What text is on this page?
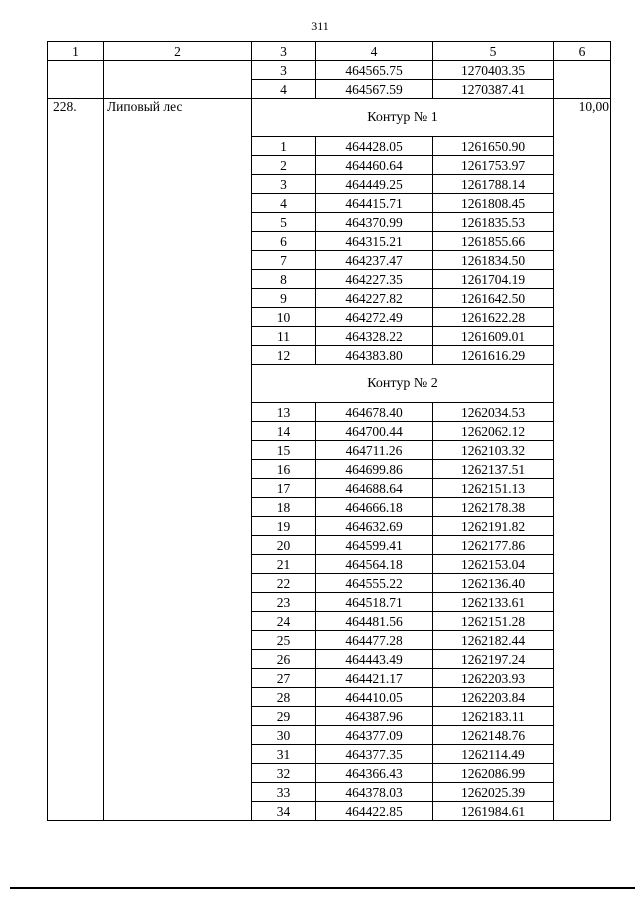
311
1	2	3	4	5	6
		3	464565.75	1270403.35	
		4	464567.59	1270387.41	
228.	Липовый лес	Контур № 1			10,00
		1	464428.05	1261650.90	
		2	464460.64	1261753.97	
		3	464449.25	1261788.14	
		4	464415.71	1261808.45	
		5	464370.99	1261835.53	
		6	464315.21	1261855.66	
		7	464237.47	1261834.50	
		8	464227.35	1261704.19	
		9	464227.82	1261642.50	
		10	464272.49	1261622.28	
		11	464328.22	1261609.01	
		12	464383.80	1261616.29	
		Контур № 2			
		13	464678.40	1262034.53	
		14	464700.44	1262062.12	
		15	464711.26	1262103.32	
		16	464699.86	1262137.51	
		17	464688.64	1262151.13	
		18	464666.18	1262178.38	
		19	464632.69	1262191.82	
		20	464599.41	1262177.86	
		21	464564.18	1262153.04	
		22	464555.22	1262136.40	
		23	464518.71	1262133.61	
		24	464481.56	1262151.28	
		25	464477.28	1262182.44	
		26	464443.49	1262197.24	
		27	464421.17	1262203.93	
		28	464410.05	1262203.84	
		29	464387.96	1262183.11	
		30	464377.09	1262148.76	
		31	464377.35	1262114.49	
		32	464366.43	1262086.99	
		33	464378.03	1262025.39	
		34	464422.85	1261984.61	
